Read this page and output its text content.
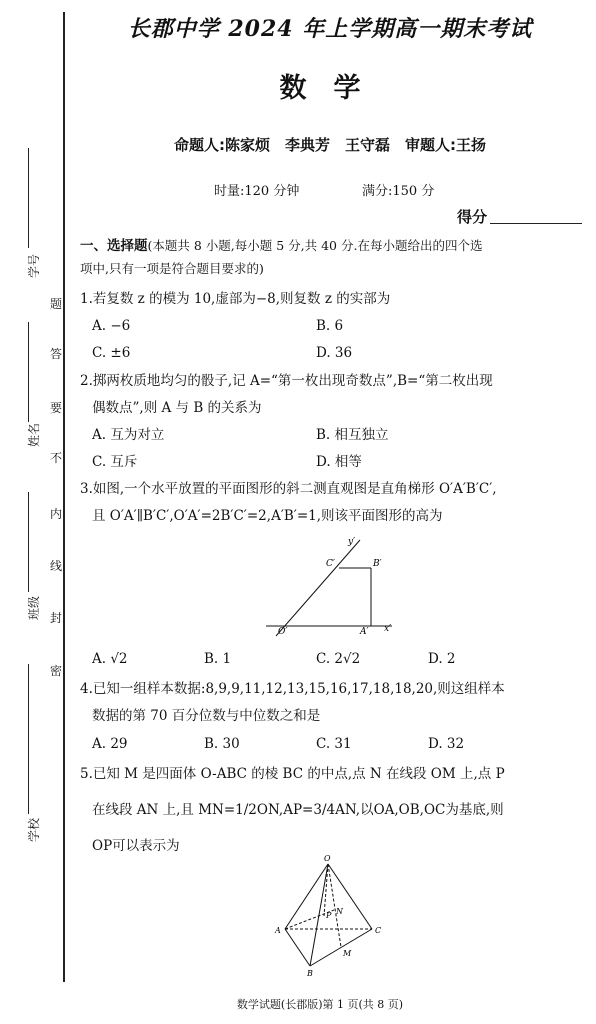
学号
姓名
班级
学校
题
答
要
不
内
线
封
密
长郡中学 2024 年上学期高一期末考试
数　学
命题人:陈家烦　李典芳　王守磊　审题人:王扬
时量:120 分钟	满分:150 分
得分
一、选择题(本题共 8 小题,每小题 5 分,共 40 分.在每小题给出的四个选
项中,只有一项是符合题目要求的)
1.若复数 z 的模为 10,虚部为−8,则复数 z 的实部为
A. −6	B. 6
C. ±6	D. 36
2.掷两枚质地均匀的骰子,记 A=“第一枚出现奇数点”,B=“第二枚出现
偶数点”,则 A 与 B 的关系为
A. 互为对立	B. 相互独立
C. 互斥	D. 相等
3.如图,一个水平放置的平面图形的斜二测直观图是直角梯形 O′A′B′C′,
且 O′A′∥B′C′,O′A′=2B′C′=2,A′B′=1,则该平面图形的高为
y′
x′
O′	A′
B′
C′
A. √2	B. 1	C. 2√2	D. 2
4.已知一组样本数据:8,9,9,11,12,13,15,16,17,18,18,20,则这组样本
数据的第 70 百分位数与中位数之和是
A. 29	B. 30	C. 31	D. 32
5.已知 M 是四面体 O-ABC 的棱 BC 的中点,点 N 在线段 OM 上,点 P
在线段 AN 上,且 MN=1/2ON,AP=3/4AN,以OA,OB,OC为基底,则
OP可以表示为
O
A
B
C
M
N
P
数学试题(长郡版)第 1 页(共 8 页)
